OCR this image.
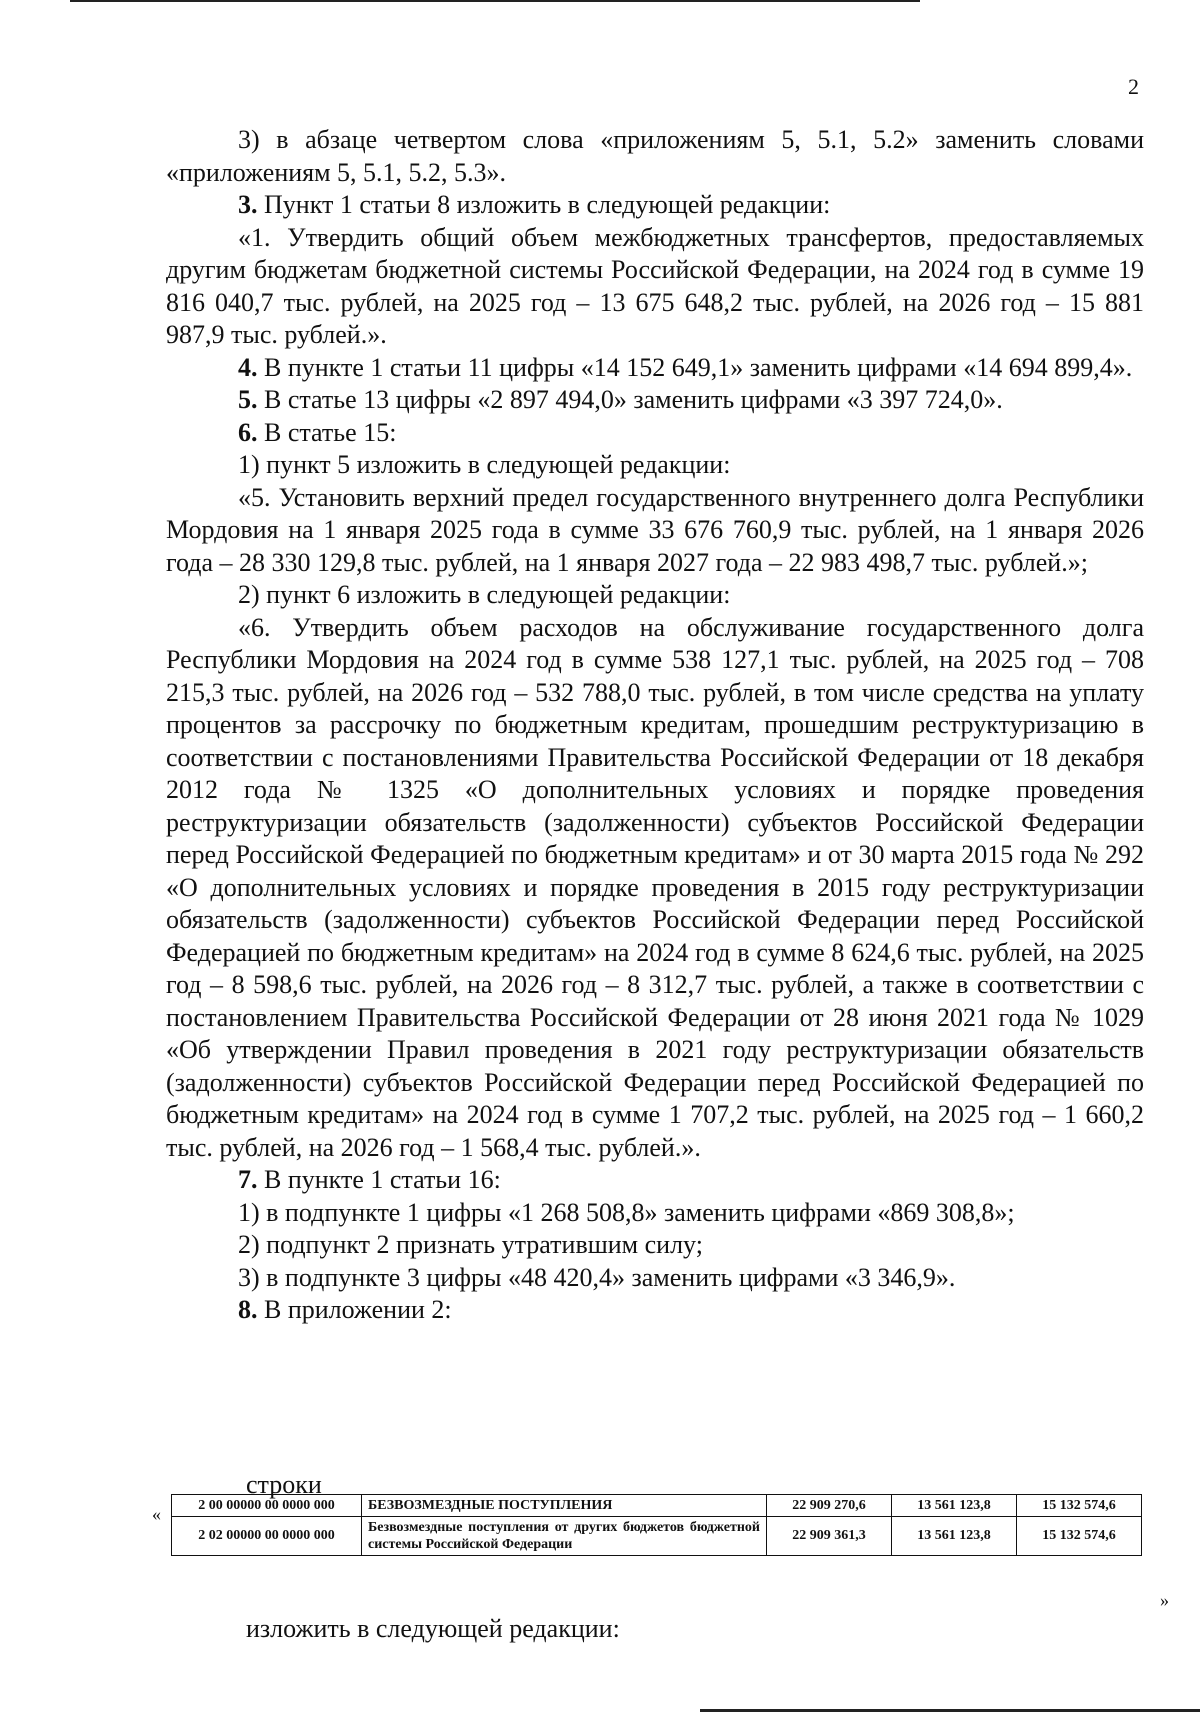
2

3) в абзаце четвертом слова «приложениям 5, 5.1, 5.2» заменить словами «приложениям 5, 5.1, 5.2, 5.3».

3. Пункт 1 статьи 8 изложить в следующей редакции:

«1. Утвердить общий объем межбюджетных трансфертов, предоставляемых другим бюджетам бюджетной системы Российской Федерации, на 2024 год в сумме 19 816 040,7 тыс. рублей, на 2025 год – 13 675 648,2 тыс. рублей, на 2026 год – 15 881 987,9 тыс. рублей.».

4. В пункте 1 статьи 11 цифры «14 152 649,1» заменить цифрами «14 694 899,4».

5. В статье 13 цифры «2 897 494,0» заменить цифрами «3 397 724,0».

6. В статье 15:

1) пункт 5 изложить в следующей редакции:

«5. Установить верхний предел государственного внутреннего долга Республики Мордовия на 1 января 2025 года в сумме 33 676 760,9 тыс. рублей, на 1 января 2026 года – 28 330 129,8 тыс. рублей, на 1 января 2027 года – 22 983 498,7 тыс. рублей.»;

2) пункт 6 изложить в следующей редакции:

«6. Утвердить объем расходов на обслуживание государственного долга Республики Мордовия на 2024 год в сумме 538 127,1 тыс. рублей, на 2025 год – 708 215,3 тыс. рублей, на 2026 год – 532 788,0 тыс. рублей, в том числе средства на уплату процентов за рассрочку по бюджетным кредитам, прошедшим реструктуризацию в соответствии с постановлениями Правительства Российской Федерации от 18 декабря 2012 года № 1325 «О дополнительных условиях и порядке проведения реструктуризации обязательств (задолженности) субъектов Российской Федерации перед Российской Федерацией по бюджетным кредитам» и от 30 марта 2015 года № 292 «О дополнительных условиях и порядке проведения в 2015 году реструктуризации обязательств (задолженности) субъектов Российской Федерации перед Российской Федерацией по бюджетным кредитам» на 2024 год в сумме 8 624,6 тыс. рублей, на 2025 год – 8 598,6 тыс. рублей, на 2026 год – 8 312,7 тыс. рублей, а также в соответствии с постановлением Правительства Российской Федерации от 28 июня 2021 года № 1029 «Об утверждении Правил проведения в 2021 году реструктуризации обязательств (задолженности) субъектов Российской Федерации перед Российской Федерацией по бюджетным кредитам» на 2024 год в сумме 1 707,2 тыс. рублей, на 2025 год – 1 660,2 тыс. рублей, на 2026 год – 1 568,4 тыс. рублей.».

7. В пункте 1 статьи 16:

1) в подпункте 1 цифры «1 268 508,8» заменить цифрами «869 308,8»;

2) подпункт 2 признать утратившим силу;

3) в подпункте 3 цифры «48 420,4» заменить цифрами «3 346,9».

8. В приложении 2:

строки
«	2 00 00000 00 0000 000	БЕЗВОЗМЕЗДНЫЕ ПОСТУПЛЕНИЯ	22 909 270,6	13 561 123,8	15 132 574,6
2 02 00000 00 0000 000	Безвозмездные поступления от других бюджетов бюджетной системы Российской Федерации	22 909 361,3	13 561 123,8	15 132 574,6
»
изложить в следующей редакции:
